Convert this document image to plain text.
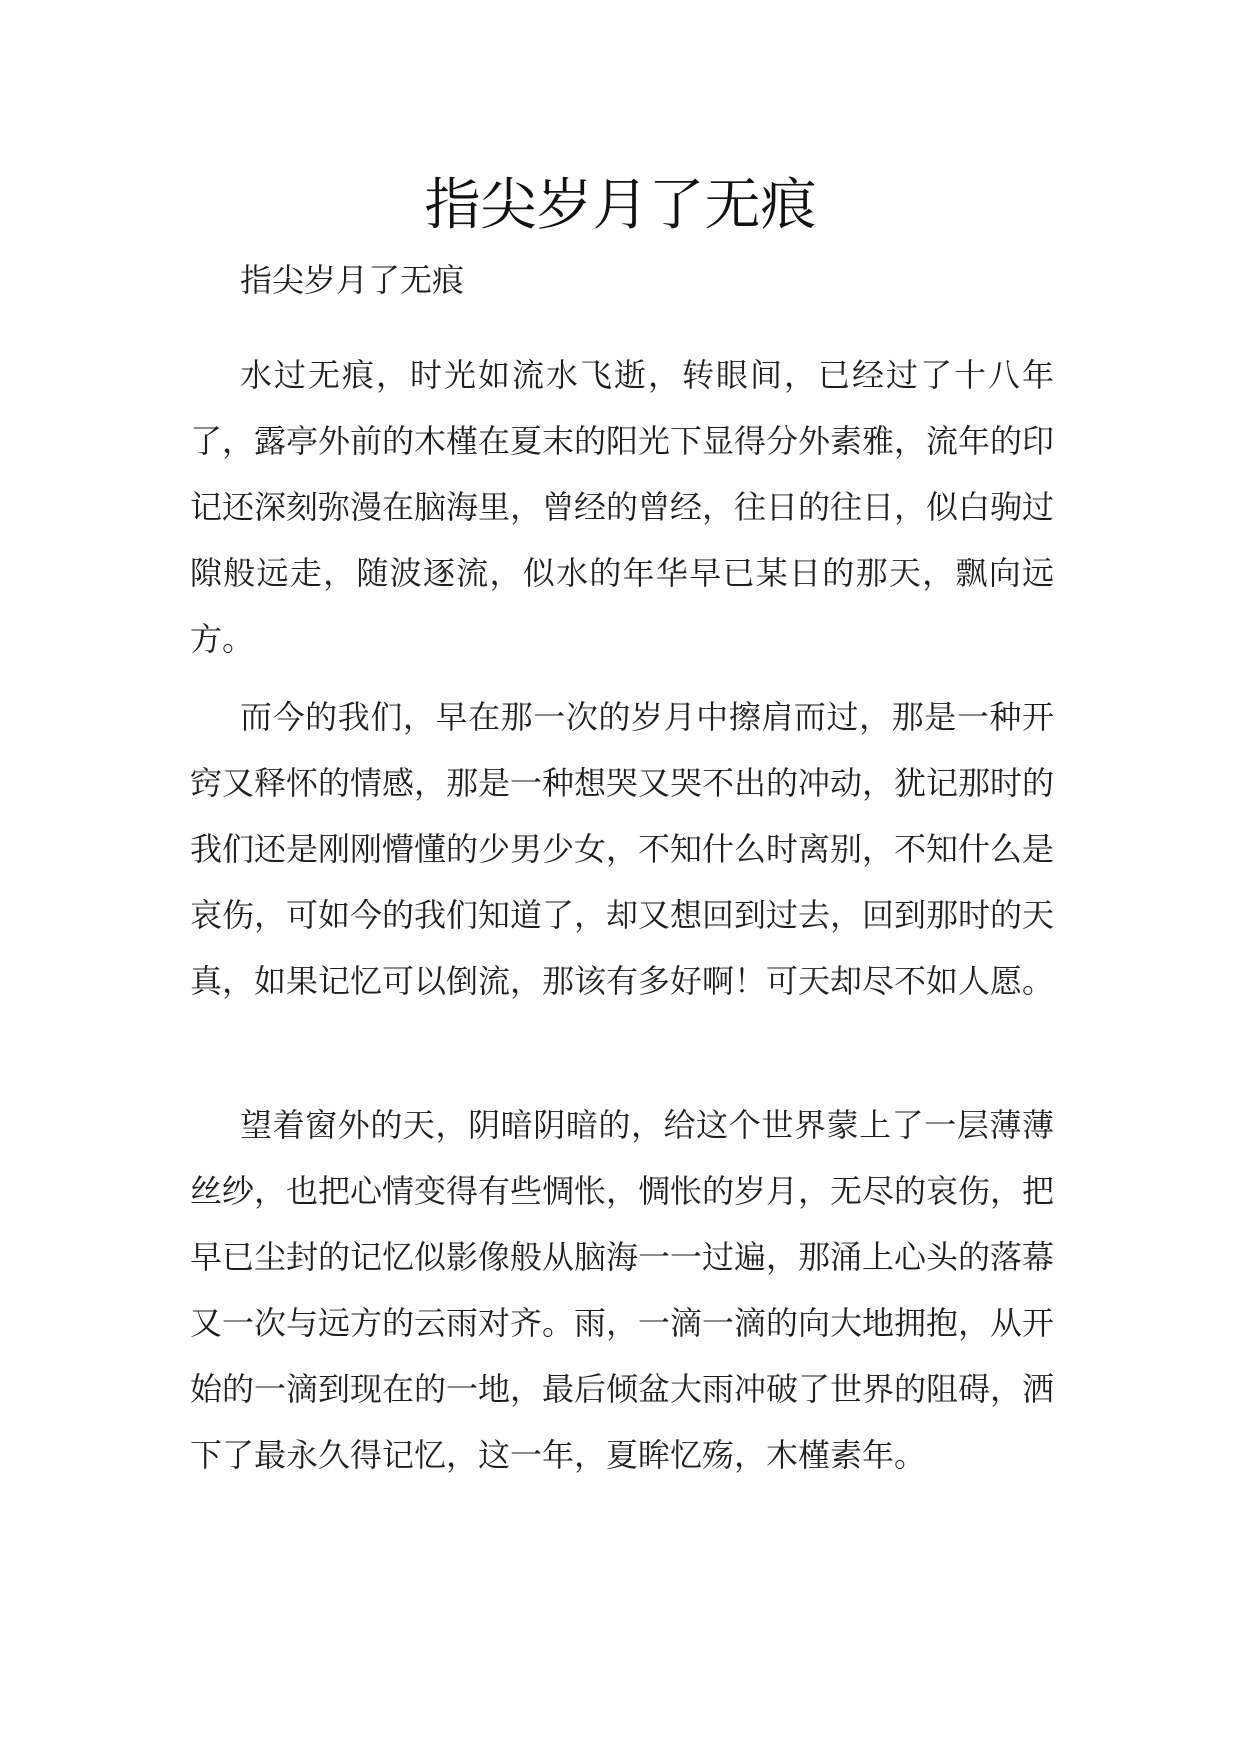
指尖岁月了无痕

指尖岁月了无痕

水过无痕，时光如流水飞逝，转眼间，已经过了十八年了，露亭外前的木槿在夏末的阳光下显得分外素雅，流年的印记还深刻弥漫在脑海里，曾经的曾经，往日的往日，似白驹过隙般远走，随波逐流，似水的年华早已某日的那天，飘向远方。

而今的我们，早在那一次的岁月中擦肩而过，那是一种开窍又释怀的情感，那是一种想哭又哭不出的冲动，犹记那时的我们还是刚刚懵懂的少男少女，不知什么时离别，不知什么是哀伤，可如今的我们知道了，却又想回到过去，回到那时的天真，如果记忆可以倒流，那该有多好啊！可天却尽不如人愿。

望着窗外的天，阴暗阴暗的，给这个世界蒙上了一层薄薄丝纱，也把心情变得有些惆怅，惆怅的岁月，无尽的哀伤，把早已尘封的记忆似影像般从脑海一一过遍，那涌上心头的落幕又一次与远方的云雨对齐。雨，一滴一滴的向大地拥抱，从开始的一滴到现在的一地，最后倾盆大雨冲破了世界的阻碍，洒下了最永久得记忆，这一年，夏眸忆殇，木槿素年。
